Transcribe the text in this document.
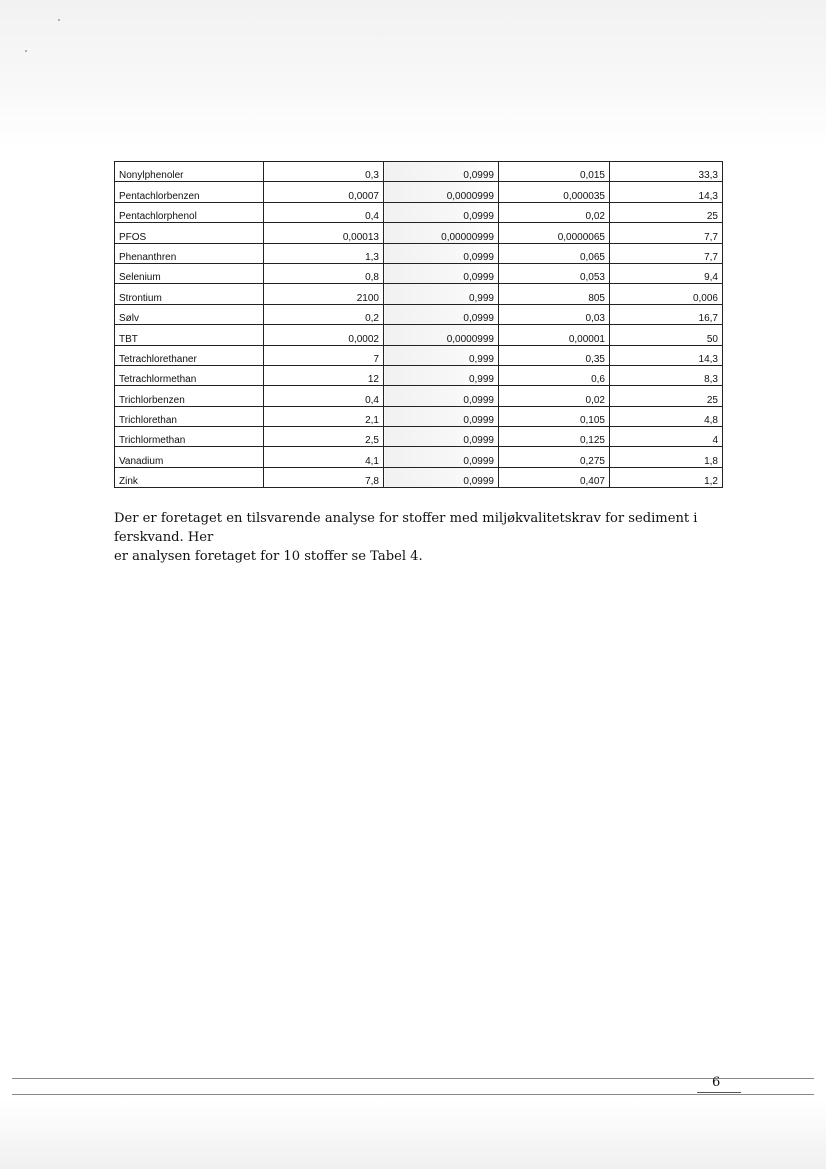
Nonylphenoler	0,3	0,0999	0,015	33,3
Pentachlorbenzen	0,0007	0,0000999	0,000035	14,3
Pentachlorphenol	0,4	0,0999	0,02	25
PFOS	0,00013	0,00000999	0,0000065	7,7
Phenanthren	1,3	0,0999	0,065	7,7
Selenium	0,8	0,0999	0,053	9,4
Strontium	2100	0,999	805	0,006
Sølv	0,2	0,0999	0,03	16,7
TBT	0,0002	0,0000999	0,00001	50
Tetrachlorethaner	7	0,999	0,35	14,3
Tetrachlormethan	12	0,999	0,6	8,3
Trichlorbenzen	0,4	0,0999	0,02	25
Trichlorethan	2,1	0,0999	0,105	4,8
Trichlormethan	2,5	0,0999	0,125	4
Vanadium	4,1	0,0999	0,275	1,8
Zink	7,8	0,0999	0,407	1,2
Der er foretaget en tilsvarende analyse for stoffer med miljøkvalitetskrav for sediment i ferskvand. Her
er analysen foretaget for 10 stoffer se Tabel 4.
6
